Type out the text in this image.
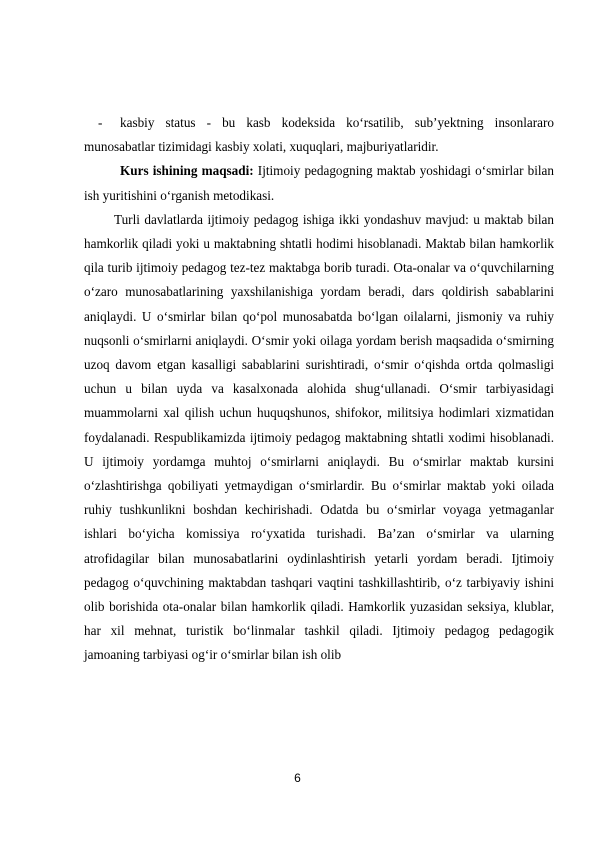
- kasbiy status - bu kasb kodeksida ko‘rsatilib, sub’yektning insonlararo munosabatlar tizimidagi kasbiy xolati, xuquqlari, majburiyatlaridir.

Kurs ishining maqsadi: Ijtimoiy pedagogning maktab yoshidagi o‘smirlar bilan ish yuritishini o‘rganish metodikasi.

Turli davlatlarda ijtimoiy pedagog ishiga ikki yondashuv mavjud: u maktab bilan hamkorlik qiladi yoki u maktabning shtatli hodimi hisoblanadi. Maktab bilan hamkorlik qila turib ijtimoiy pedagog tez-tez maktabga borib turadi. Ota-onalar va o‘quvchilarning o‘zaro munosabatlarining yaxshilanishiga yordam beradi, dars qoldirish sabablarini aniqlaydi. U o‘smirlar bilan qo‘pol munosabatda bo‘lgan oilalarni, jismoniy va ruhiy nuqsonli o‘smirlarni aniqlaydi. O‘smir yoki oilaga yordam berish maqsadida o‘smirning uzoq davom etgan kasalligi sabablarini surishtiradi, o‘smir o‘qishda ortda qolmasligi uchun u bilan uyda va kasalxonada alohida shug‘ullanadi. O‘smir tarbiyasidagi muammolarni xal qilish uchun huquqshunos, shifokor, militsiya hodimlari xizmatidan foydalanadi. Respublikamizda ijtimoiy pedagog maktabning shtatli xodimi hisoblanadi. U ijtimoiy yordamga muhtoj o‘smirlarni aniqlaydi. Bu o‘smirlar maktab kursini o‘zlashtirishga qobiliyati yetmaydigan o‘smirlardir. Bu o‘smirlar maktab yoki oilada ruhiy tushkunlikni boshdan kechirishadi. Odatda bu o‘smirlar voyaga yetmaganlar ishlari bo‘yicha komissiya ro‘yxatida turishadi. Ba’zan o‘smirlar va ularning atrofidagilar bilan munosabatlarini oydinlashtirish yetarli yordam beradi. Ijtimoiy pedagog o‘quvchining maktabdan tashqari vaqtini tashkillashtirib, o‘z tarbiyaviy ishini olib borishida ota-onalar bilan hamkorlik qiladi. Hamkorlik yuzasidan seksiya, klublar, har xil mehnat, turistik bo‘linmalar tashkil qiladi. Ijtimoiy pedagog pedagogik jamoaning tarbiyasi og‘ir o‘smirlar bilan ish olib

6
